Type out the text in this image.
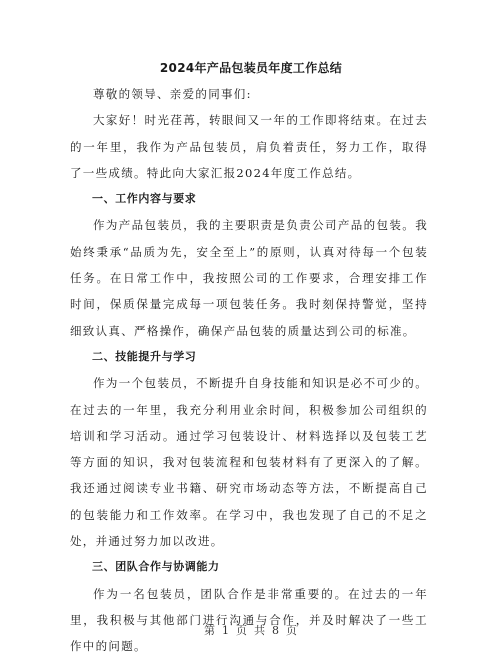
2024年产品包装员年度工作总结

尊敬的领导、亲爱的同事们:

大家好！时光荏苒，转眼间又一年的工作即将结束。在过去的一年里，我作为产品包装员，肩负着责任，努力工作，取得了一些成绩。特此向大家汇报2024年度工作总结。

一、工作内容与要求

作为产品包装员，我的主要职责是负责公司产品的包装。我始终秉承“品质为先，安全至上”的原则，认真对待每一个包装任务。在日常工作中，我按照公司的工作要求，合理安排工作时间，保质保量完成每一项包装任务。我时刻保持警觉，坚持细致认真、严格操作，确保产品包装的质量达到公司的标准。

二、技能提升与学习

作为一个包装员，不断提升自身技能和知识是必不可少的。在过去的一年里，我充分利用业余时间，积极参加公司组织的培训和学习活动。通过学习包装设计、材料选择以及包装工艺等方面的知识，我对包装流程和包装材料有了更深入的了解。我还通过阅读专业书籍、研究市场动态等方法，不断提高自己的包装能力和工作效率。在学习中，我也发现了自己的不足之处，并通过努力加以改进。

三、团队合作与协调能力

作为一名包装员，团队合作是非常重要的。在过去的一年里，我积极与其他部门进行沟通与合作，并及时解决了一些工作中的问题。

第 1 页 共 8 页
